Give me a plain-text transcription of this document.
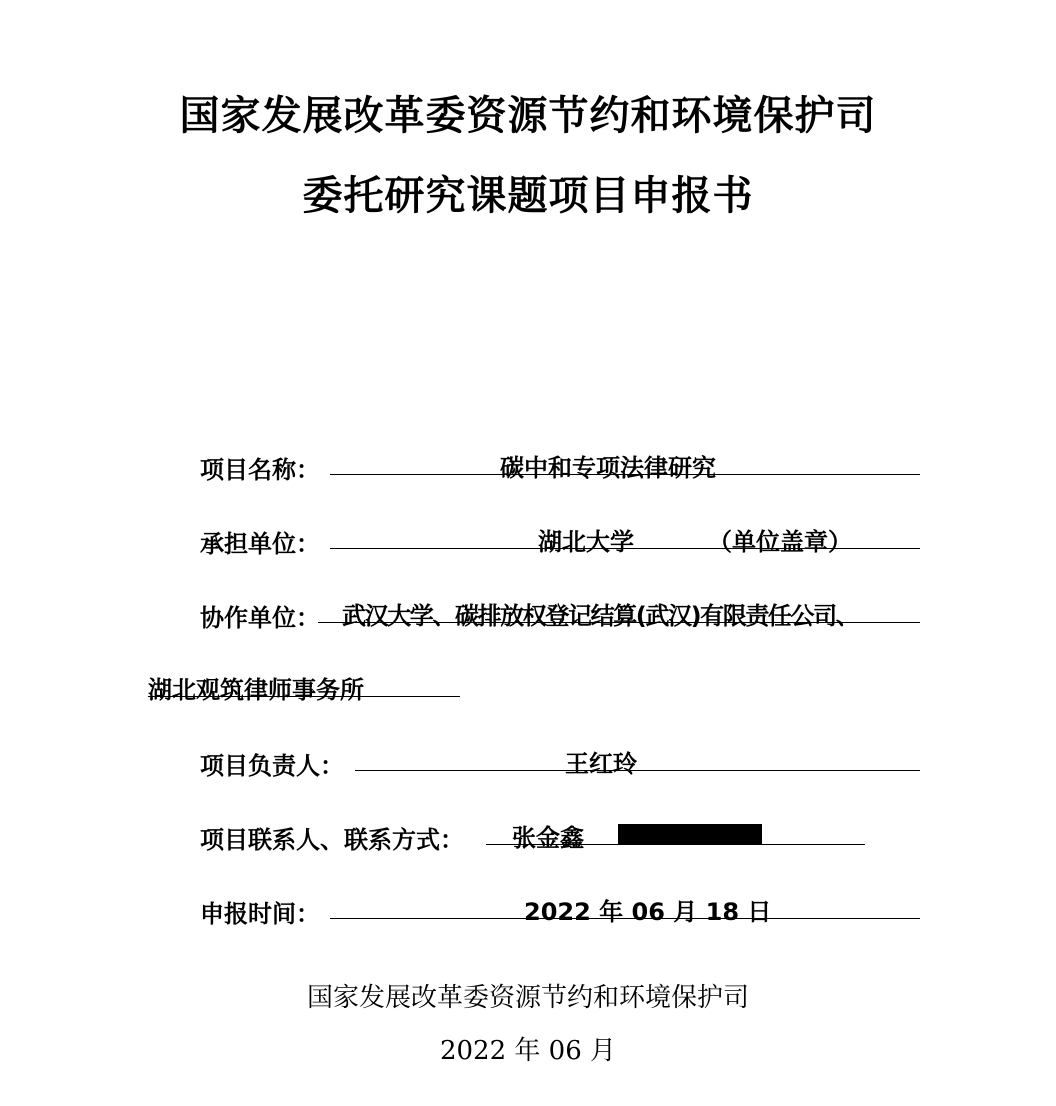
国家发展改革委资源节约和环境保护司
委托研究课题项目申报书
项目名称：	碳中和专项法律研究
承担单位：	湖北大学	（单位盖章）
协作单位： 武汉大学、碳排放权登记结算(武汉)有限责任公司、
湖北观筑律师事务所
项目负责人：	王红玲
项目联系人、联系方式： 张金鑫
申报时间：	2022 年 06 月 18 日
国家发展改革委资源节约和环境保护司
2022 年 06 月
